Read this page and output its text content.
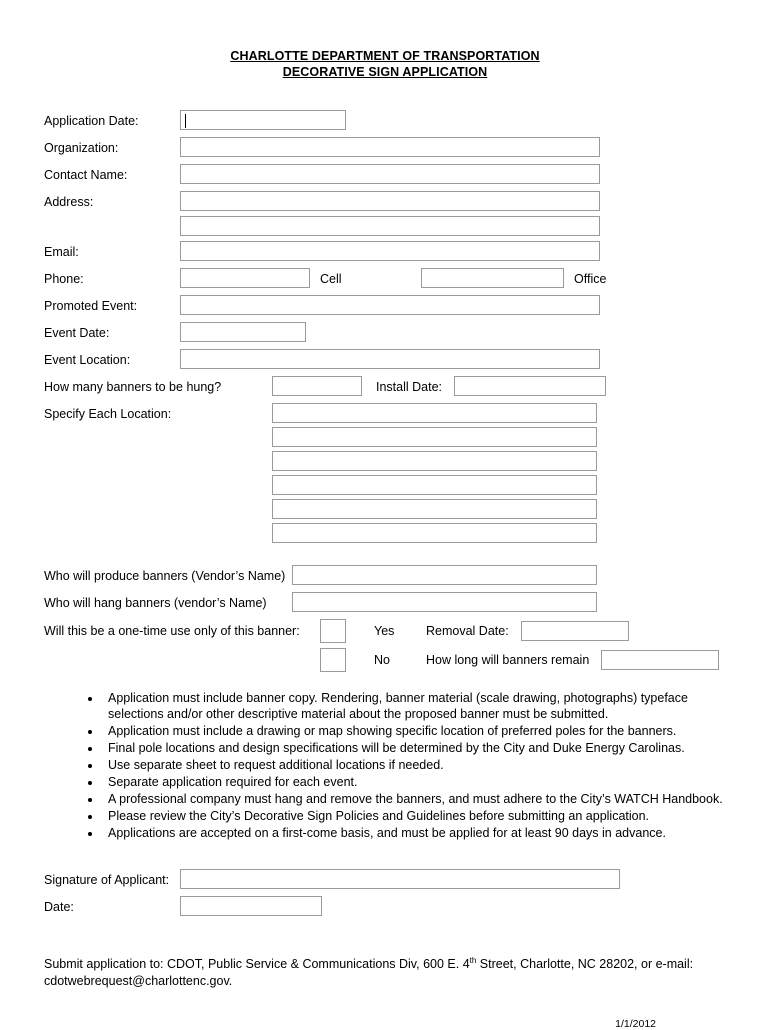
CHARLOTTE DEPARTMENT OF TRANSPORTATION
DECORATIVE SIGN APPLICATION
Application Date:
Organization:
Contact Name:
Address:
Email:
Phone:	Cell	Office
Promoted Event:
Event Date:
Event Location:
How many banners to be hung?	Install Date:
Specify Each Location:
Who will produce banners (Vendor’s Name)
Who will hang banners (vendor’s Name)
Will this be a one-time use only of this banner:	Yes	Removal Date:
No	How long will banners remain
• Application must include banner copy. Rendering, banner material (scale drawing, photographs) typeface selections and/or other descriptive material about the proposed banner must be submitted.
• Application must include a drawing or map showing specific location of preferred poles for the banners.
• Final pole locations and design specifications will be determined by the City and Duke Energy Carolinas.
• Use separate sheet to request additional locations if needed.
• Separate application required for each event.
• A professional company must hang and remove the banners, and must adhere to the City’s WATCH Handbook.
• Please review the City’s Decorative Sign Policies and Guidelines before submitting an application.
• Applications are accepted on a first-come basis, and must be applied for at least 90 days in advance.
Signature of Applicant:
Date:
Submit application to: CDOT, Public Service & Communications Div, 600 E. 4th Street, Charlotte, NC 28202, or e-mail:
cdotwebrequest@charlottenc.gov.
1/1/2012
